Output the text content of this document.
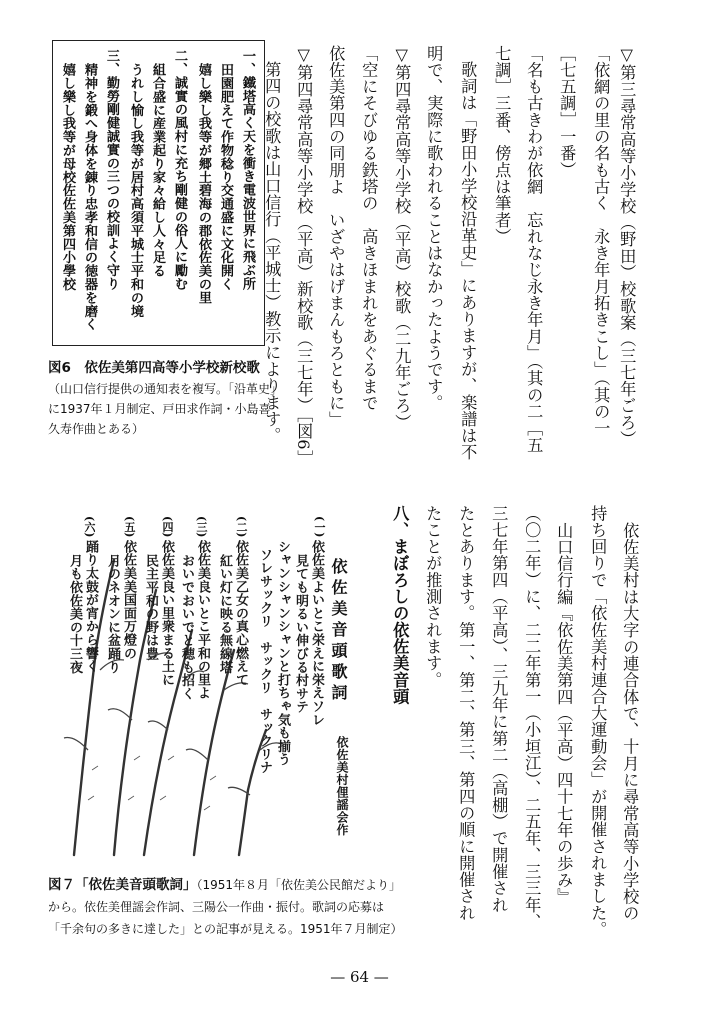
▽第三尋常高等小学校（野田）校歌案（三七年ごろ）
「依網の里の名も古く　永き年月拓きこし」（其の一
［七五調］一番）
「名も古きわが依網　忘れなじ永き年月」（其の二［五
七調］三番、傍点は筆者）
歌詞は「野田小学校沿革史」にありますが、楽譜は不
明で、実際に歌われることはなかったようです。
▽第四尋常高等小学校（平高）校歌（二九年ごろ）
「空にそびゆる鉄塔の　高きほまれをあぐるまで
依佐美第四の同朋よ　いざやはげまんもろともに」
▽第四尋常高等小学校（平高）新校歌（三七年）［図6］
第四の校歌は山口信行（平城士）教示によります。
一、鐵塔高く天を衝き電波世界に飛ぶ所
田園肥えて作物稔り交通盛に文化開く
嬉し樂し我等が郷土碧海の郡依佐美の里
二、誠實の風村に充ち剛健の俗人に勵む
組合盛に産業起り家々給し人々足る
うれし愉し我等が居村高須平城士平和の境
三、勤勞剛健誠實の三つの校訓よく守り
精神を鍛へ身体を錬り忠孝和信の徳器を磨く
嬉し樂し我等が母校佐佐美第四小學校
図6　依佐美第四高等小学校新校歌
（山口信行提供の通知表を複写。「沿革史」
に1937年１月制定、戸田求作詞・小島喜
久寿作曲とある）
依佐美村は大字の連合体で、十月に尋常高等小学校の
持ち回りで「依佐美村連合大運動会」が開催されました。
山口信行編『依佐美第四（平高）四十七年の歩み』
（〇二年）に、二二年第一（小垣江）、二五年、三三年、
三七年第四（平高）、三九年に第二（高棚）で開催され
たとあります。第一、第二、第三、第四の順に開催され
たことが推測されます。
八、まぼろしの依佐美音頭
依佐美音頭歌詞
依佐美村俚謡会作
(一)
(二)
(三)
(四)
(五)
(六)
依佐美よいとこ栄えに栄えソレ
見ても明るい伸びる村サテ
シャンシャンシャンと打ちゃ気も揃う
ソレサックリ　サックリ　サックリナ
依佐美乙女の真心燃えて
紅い灯に映る無線塔
依佐美良いとこ平和の里よ
おいでおいでと穂も招く
依佐美良い里衆まる土に
民主平和の野は豊
依佐美美国面万燈の
月のネオンに盆踊り
踊り太鼓が宵から響く
月も依佐美の十三夜
図７「依佐美音頭歌詞」（1951年８月「依佐美公民館だより」
から。依佐美俚謡会作詞、三陽公一作曲・振付。歌詞の応募は
「千余句の多きに達した」との記事が見える。1951年７月制定）
— 64 —
